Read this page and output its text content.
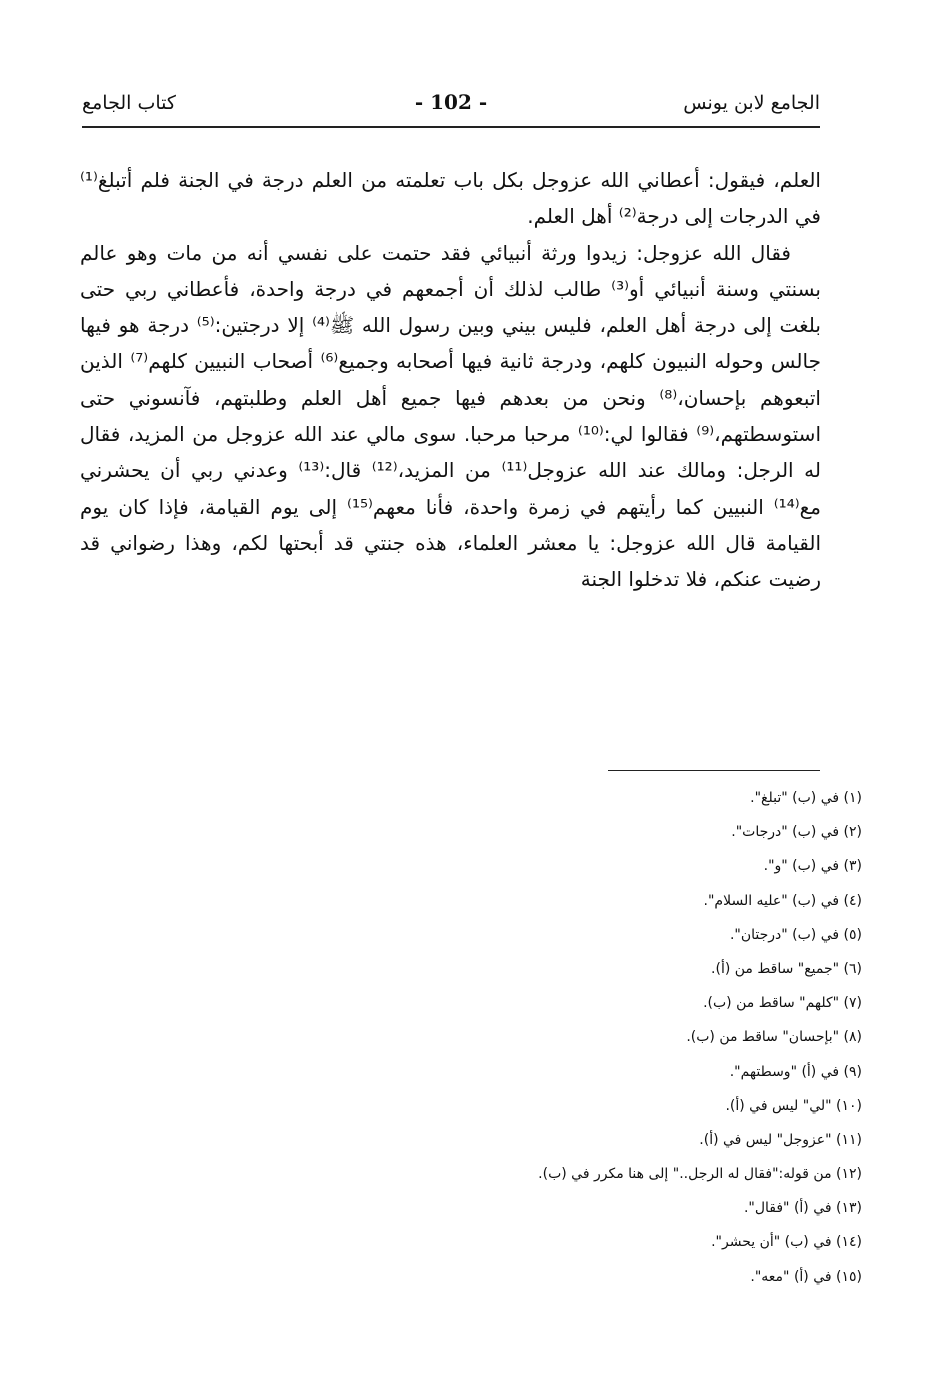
الجامع لابن يونس
- 102 -
كتاب الجامع

العلم، فيقول: أعطاني الله عزوجل بكل باب تعلمته من العلم درجة في الجنة فلم أتبلغ⁽¹⁾ في الدرجات إلى درجة⁽²⁾ أهل العلم.

فقال الله عزوجل: زيدوا ورثة أنبيائي فقد حتمت على نفسي أنه من مات وهو عالم بسنتي وسنة أنبيائي أو⁽³⁾ طالب لذلك أن أجمعهم في درجة واحدة، فأعطاني ربي حتى بلغت إلى درجة أهل العلم، فليس بيني وبين رسول الله ﷺ⁽⁴⁾ إلا درجتين:⁽⁵⁾ درجة هو فيها جالس وحوله النبيون كلهم، ودرجة ثانية فيها أصحابه وجميع⁽⁶⁾ أصحاب النبيين كلهم⁽⁷⁾ الذين اتبعوهم بإحسان،⁽⁸⁾ ونحن من بعدهم فيها جميع أهل العلم وطلبتهم، فآنسوني حتى استوسطتهم،⁽⁹⁾ فقالوا لي:⁽¹⁰⁾ مرحبا مرحبا. سوى مالي عند الله عزوجل من المزيد، فقال له الرجل: ومالك عند الله عزوجل⁽¹¹⁾ من المزيد،⁽¹²⁾ قال:⁽¹³⁾ وعدني ربي أن يحشرني مع⁽¹⁴⁾ النبيين كما رأيتهم في زمرة واحدة، فأنا معهم⁽¹⁵⁾ إلى يوم القيامة، فإذا كان يوم القيامة قال الله عزوجل: يا معشر العلماء، هذه جنتي قد أبحتها لكم، وهذا رضواني قد رضيت عنكم، فلا تدخلوا الجنة

(١) في (ب) "تبلغ".
(٢) في (ب) "درجات".
(٣) في (ب) "و".
(٤) في (ب) "عليه السلام".
(٥) في (ب) "درجتان".
(٦) "جميع" ساقط من (أ).
(٧) "كلهم" ساقط من (ب).
(٨) "بإحسان" ساقط من (ب).
(٩) في (أ) "وسطتهم".
(١٠) "لي" ليس في (أ).
(١١) "عزوجل" ليس في (أ).
(١٢) من قوله:"فقال له الرجل.." إلى هنا مكرر في (ب).
(١٣) في (أ) "فقال".
(١٤) في (ب) "أن يحشر".
(١٥) في (أ) "معه".
